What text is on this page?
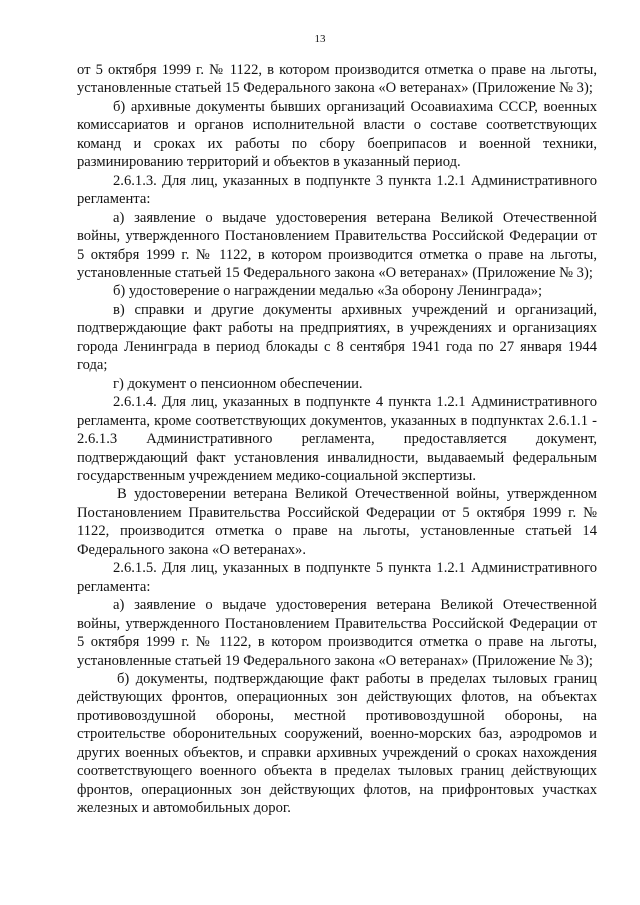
13

от 5 октября 1999 г. № 1122, в котором производится отметка о праве на льготы, установленные статьей 15 Федерального закона «О ветеранах» (Приложение № 3);

б) архивные документы бывших организаций Осоавиахима СССР, военных комиссариатов и органов исполнительной власти о составе соответствующих команд и сроках их работы по сбору боеприпасов и военной техники, разминированию территорий и объектов в указанный период.

2.6.1.3. Для лиц, указанных в подпункте 3 пункта 1.2.1 Административного регламента:

а) заявление о выдаче удостоверения ветерана Великой Отечественной войны, утвержденного Постановлением Правительства Российской Федерации от 5 октября 1999 г. № 1122, в котором производится отметка о праве на льготы, установленные статьей 15 Федерального закона «О ветеранах» (Приложение № 3);

б) удостоверение о награждении медалью «За оборону Ленинграда»;

в) справки и другие документы архивных учреждений и организаций, подтверждающие факт работы на предприятиях, в учреждениях и организациях города Ленинграда в период блокады с 8 сентября 1941 года по 27 января 1944 года;

г) документ о пенсионном обеспечении.

2.6.1.4. Для лиц, указанных в подпункте 4 пункта 1.2.1 Административного регламента, кроме соответствующих документов, указанных в подпунктах 2.6.1.1 - 2.6.1.3 Административного регламента, предоставляется документ, подтверждающий факт установления инвалидности, выдаваемый федеральным государственным учреждением медико-социальной экспертизы.

В удостоверении ветерана Великой Отечественной войны, утвержденном Постановлением Правительства Российской Федерации от 5 октября 1999 г. № 1122, производится отметка о праве на льготы, установленные статьей 14 Федерального закона «О ветеранах».

2.6.1.5. Для лиц, указанных в подпункте 5 пункта 1.2.1 Административного регламента:

а) заявление о выдаче удостоверения ветерана Великой Отечественной войны, утвержденного Постановлением Правительства Российской Федерации от 5 октября 1999 г. № 1122, в котором производится отметка о праве на льготы, установленные статьей 19 Федерального закона «О ветеранах» (Приложение № 3);

б) документы, подтверждающие факт работы в пределах тыловых границ действующих фронтов, операционных зон действующих флотов, на объектах противовоздушной обороны, местной противовоздушной обороны, на строительстве оборонительных сооружений, военно-морских баз, аэродромов и других военных объектов, и справки архивных учреждений о сроках нахождения соответствующего военного объекта в пределах тыловых границ действующих фронтов, операционных зон действующих флотов, на прифронтовых участках железных и автомобильных дорог.
